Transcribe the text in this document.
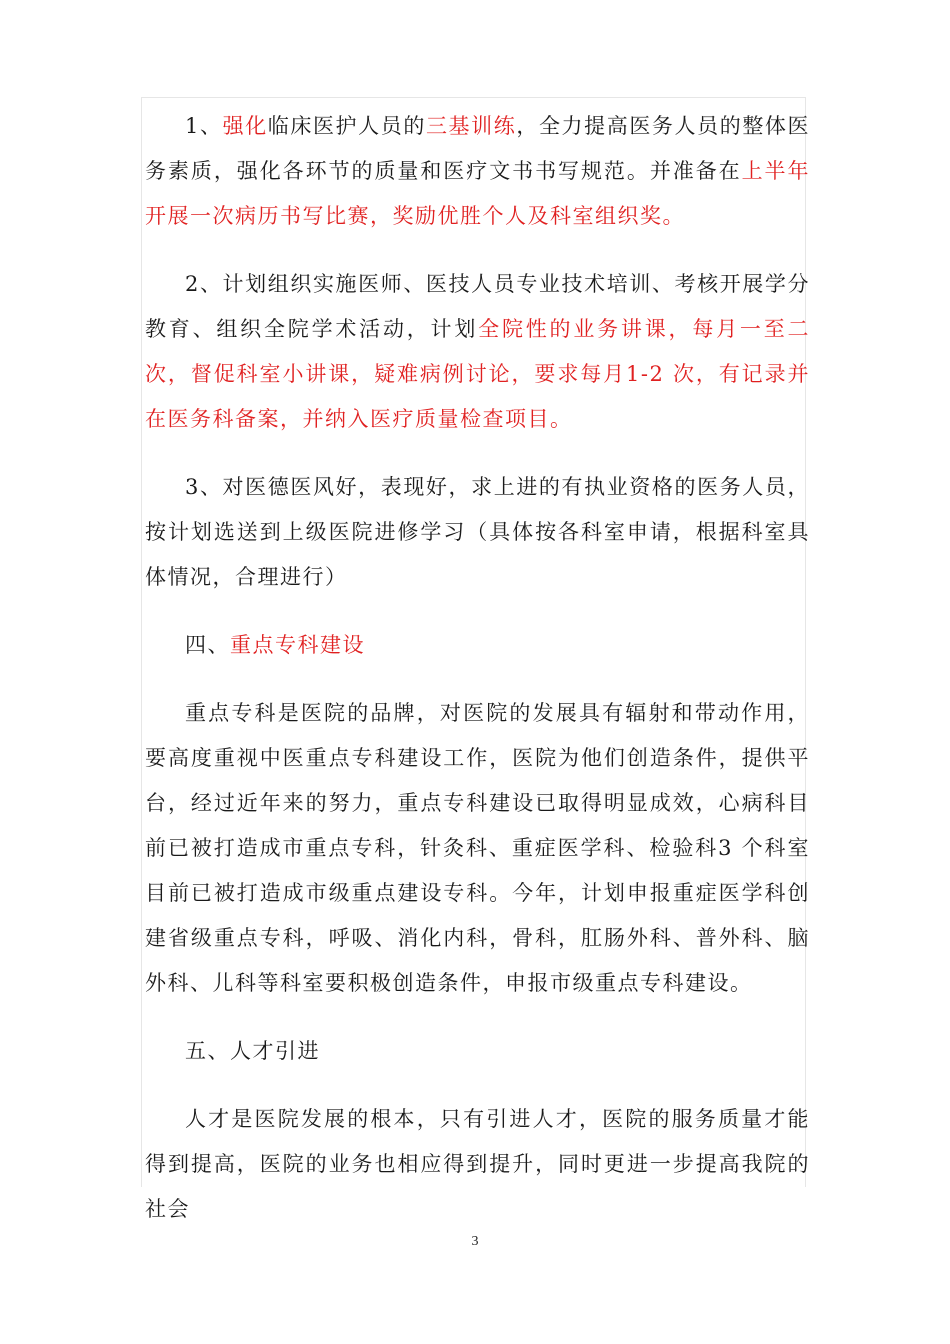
1、强化临床医护人员的三基训练，全力提高医务人员的整体医务素质，强化各环节的质量和医疗文书书写规范。并准备在上半年开展一次病历书写比赛，奖励优胜个人及科室组织奖。

2、计划组织实施医师、医技人员专业技术培训、考核开展学分教育、组织全院学术活动，计划全院性的业务讲课，每月一至二次，督促科室小讲课，疑难病例讨论，要求每月1-2 次，有记录并在医务科备案，并纳入医疗质量检查项目。

3、对医德医风好，表现好，求上进的有执业资格的医务人员，按计划选送到上级医院进修学习（具体按各科室申请，根据科室具体情况，合理进行）

四、重点专科建设

重点专科是医院的品牌，对医院的发展具有辐射和带动作用，要高度重视中医重点专科建设工作，医院为他们创造条件，提供平台，经过近年来的努力，重点专科建设已取得明显成效，心病科目前已被打造成市重点专科，针灸科、重症医学科、检验科3 个科室目前已被打造成市级重点建设专科。今年，计划申报重症医学科创建省级重点专科，呼吸、消化内科，骨科，肛肠外科、普外科、脑外科、儿科等科室要积极创造条件，申报市级重点专科建设。

五、人才引进

人才是医院发展的根本，只有引进人才，医院的服务质量才能得到提高，医院的业务也相应得到提升，同时更进一步提高我院的社会

3
